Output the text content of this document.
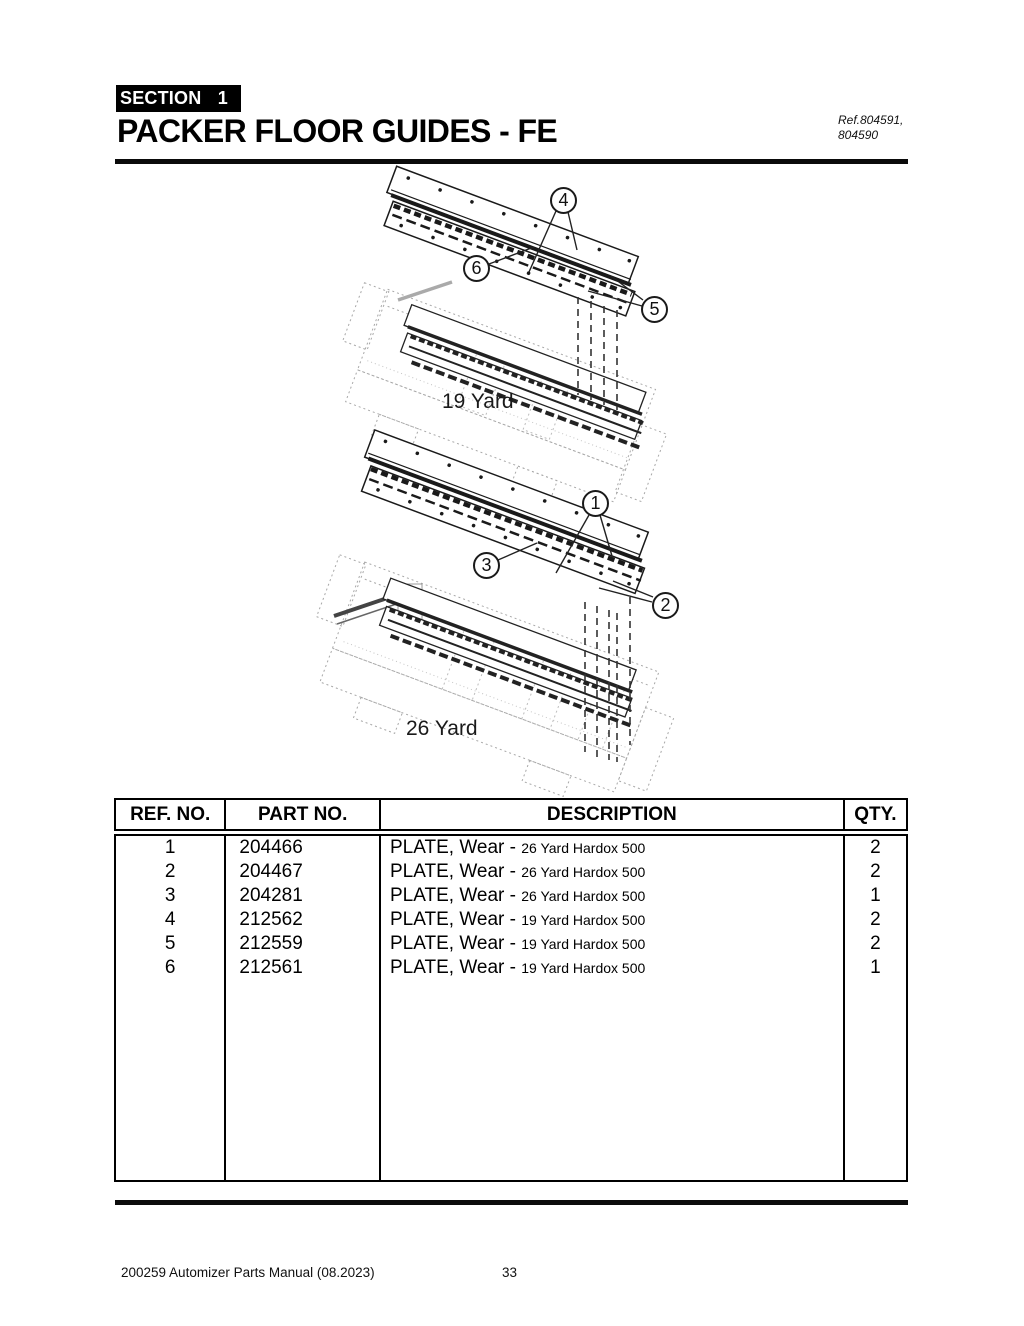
SECTION 1
PACKER FLOOR GUIDES - FE	Ref.804591,
804590
4
6
5
1
3
2
19 Yard
26 Yard
REF. NO.	PART NO.	DESCRIPTION	QTY.
1	204466	PLATE, Wear - 26 Yard Hardox 500	2
2	204467	PLATE, Wear - 26 Yard Hardox 500	2
3	204281	PLATE, Wear - 26 Yard Hardox 500	1
4	212562	PLATE, Wear - 19 Yard Hardox 500	2
5	212559	PLATE, Wear - 19 Yard Hardox 500	2
6	212561	PLATE, Wear - 19 Yard Hardox 500	1

200259 Automizer Parts Manual (08.2023)	33
